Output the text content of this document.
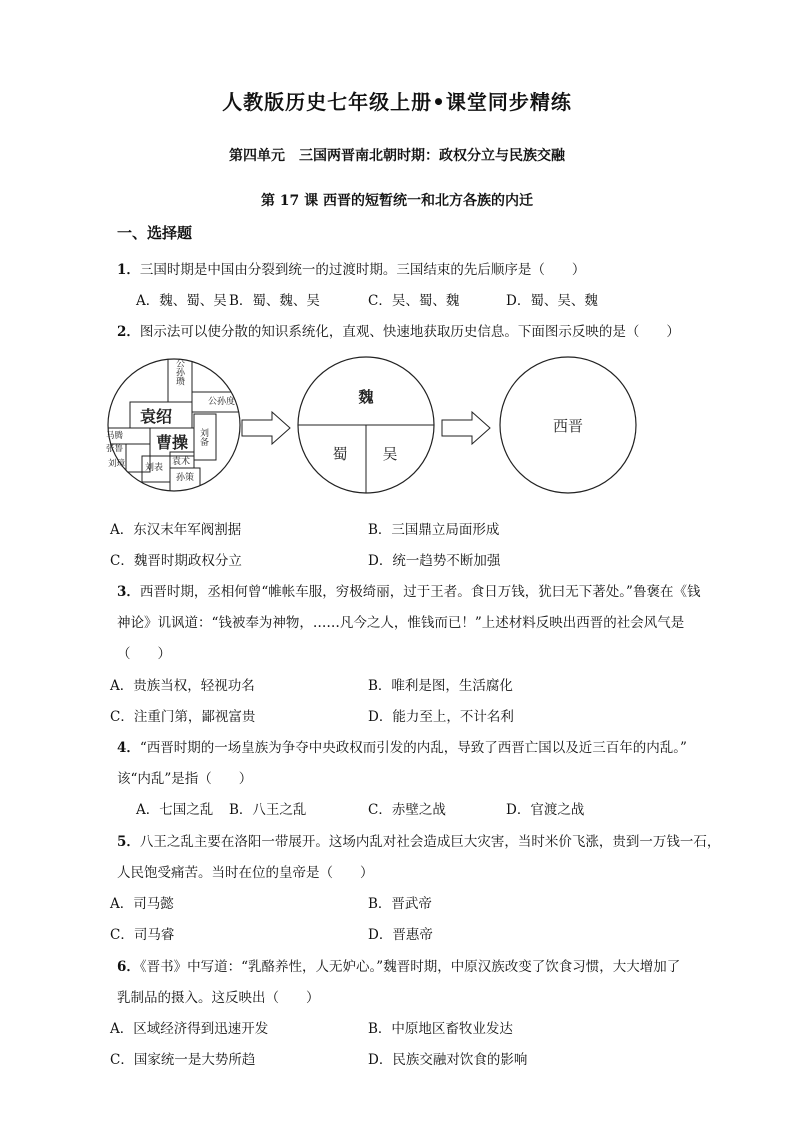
人教版历史七年级上册•课堂同步精练
第四单元　三国两晋南北朝时期：政权分立与民族交融
第 17 课 西晋的短暂统一和北方各族的内迁
一、选择题
1．三国时期是中国由分裂到统一的过渡时期。三国结束的先后顺序是（　　）
A．魏、蜀、吴 B．蜀、魏、吴	C．吴、蜀、魏	D．蜀、吴、魏
2．图示法可以使分散的知识系统化，直观、快速地获取历史信息。下面图示反映的是（　　）
公孙瓒
公孙度
袁绍
马腾
张鲁 曹操 刘备
刘璋 刘表
袁术
孙策
魏
蜀 吴
西晋
A．东汉末年军阀割据	B．三国鼎立局面形成
C．魏晋时期政权分立	D．统一趋势不断加强
3．西晋时期，丞相何曾“帷帐车服，穷极绮丽，过于王者。食日万钱，犹曰无下著处。”鲁褒在《钱
神论》讥讽道：“钱被奉为神物，……凡今之人，惟钱而已！”上述材料反映出西晋的社会风气是
（　　）
A．贵族当权，轻视功名	B．唯利是图，生活腐化
C．注重门第，鄙视富贵	D．能力至上，不计名利
4．“西晋时期的一场皇族为争夺中央政权而引发的内乱，导致了西晋亡国以及近三百年的内乱。”
该“内乱”是指（　　）
A．七国之乱 B．八王之乱	C．赤壁之战	D．官渡之战
5．八王之乱主要在洛阳一带展开。这场内乱对社会造成巨大灾害，当时米价飞涨，贵到一万钱一石，
人民饱受痛苦。当时在位的皇帝是（　　）
A．司马懿	B．晋武帝
C．司马睿	D．晋惠帝
6．《晋书》中写道：“乳酪养性，人无妒心。”魏晋时期，中原汉族改变了饮食习惯，大大增加了
乳制品的摄入。这反映出（　　）
A．区域经济得到迅速开发	B．中原地区畜牧业发达
C．国家统一是大势所趋	D．民族交融对饮食的影响
